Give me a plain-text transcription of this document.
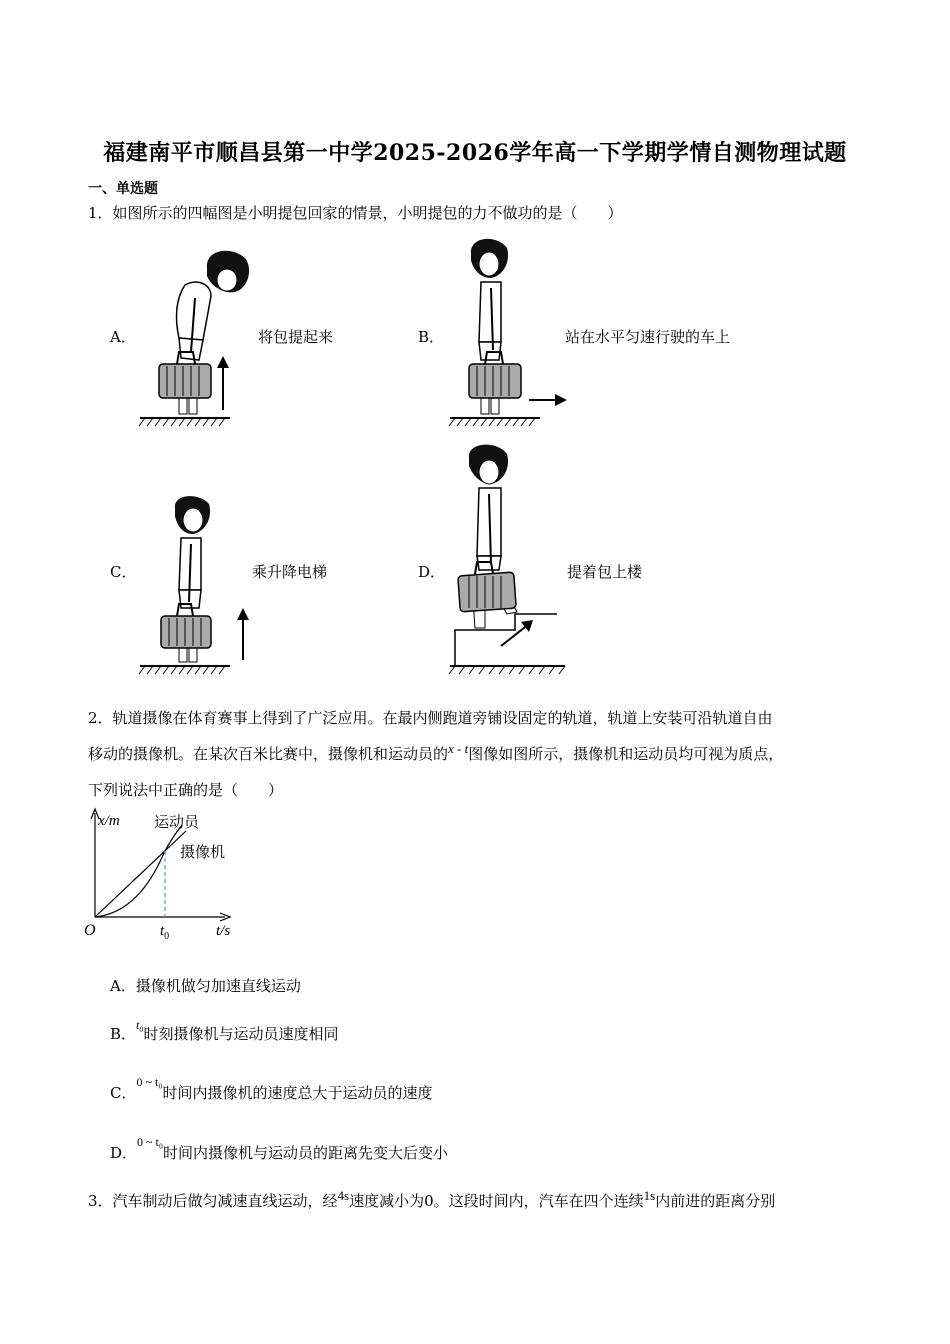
福建南平市顺昌县第一中学2025-2026学年高一下学期学情自测物理试题
一、单选题
1．如图所示的四幅图是小明提包回家的情景，小明提包的力不做功的是（　　）
A．	将包提起来	B．	站在水平匀速行驶的车上
C．	乘升降电梯	D．	提着包上楼
2．轨道摄像在体育赛事上得到了广泛应用。在最内侧跑道旁铺设固定的轨道，轨道上安装可沿轨道自由
移动的摄像机。在某次百米比赛中，摄像机和运动员的x - t图像如图所示，摄像机和运动员均可视为质点，
下列说法中正确的是（　　）
x/m 运动员
摄像机
O	$t_0$	t/s
A．摄像机做匀加速直线运动
B．$^{t_0}$时刻摄像机与运动员速度相同
C．$^{0 \sim t_0}$时间内摄像机的速度总大于运动员的速度
D．$^{0 \sim t_0}$时间内摄像机与运动员的距离先变大后变小
3．汽车制动后做匀减速直线运动，经4s速度减小为0。这段时间内，汽车在四个连续1s内前进的距离分别
